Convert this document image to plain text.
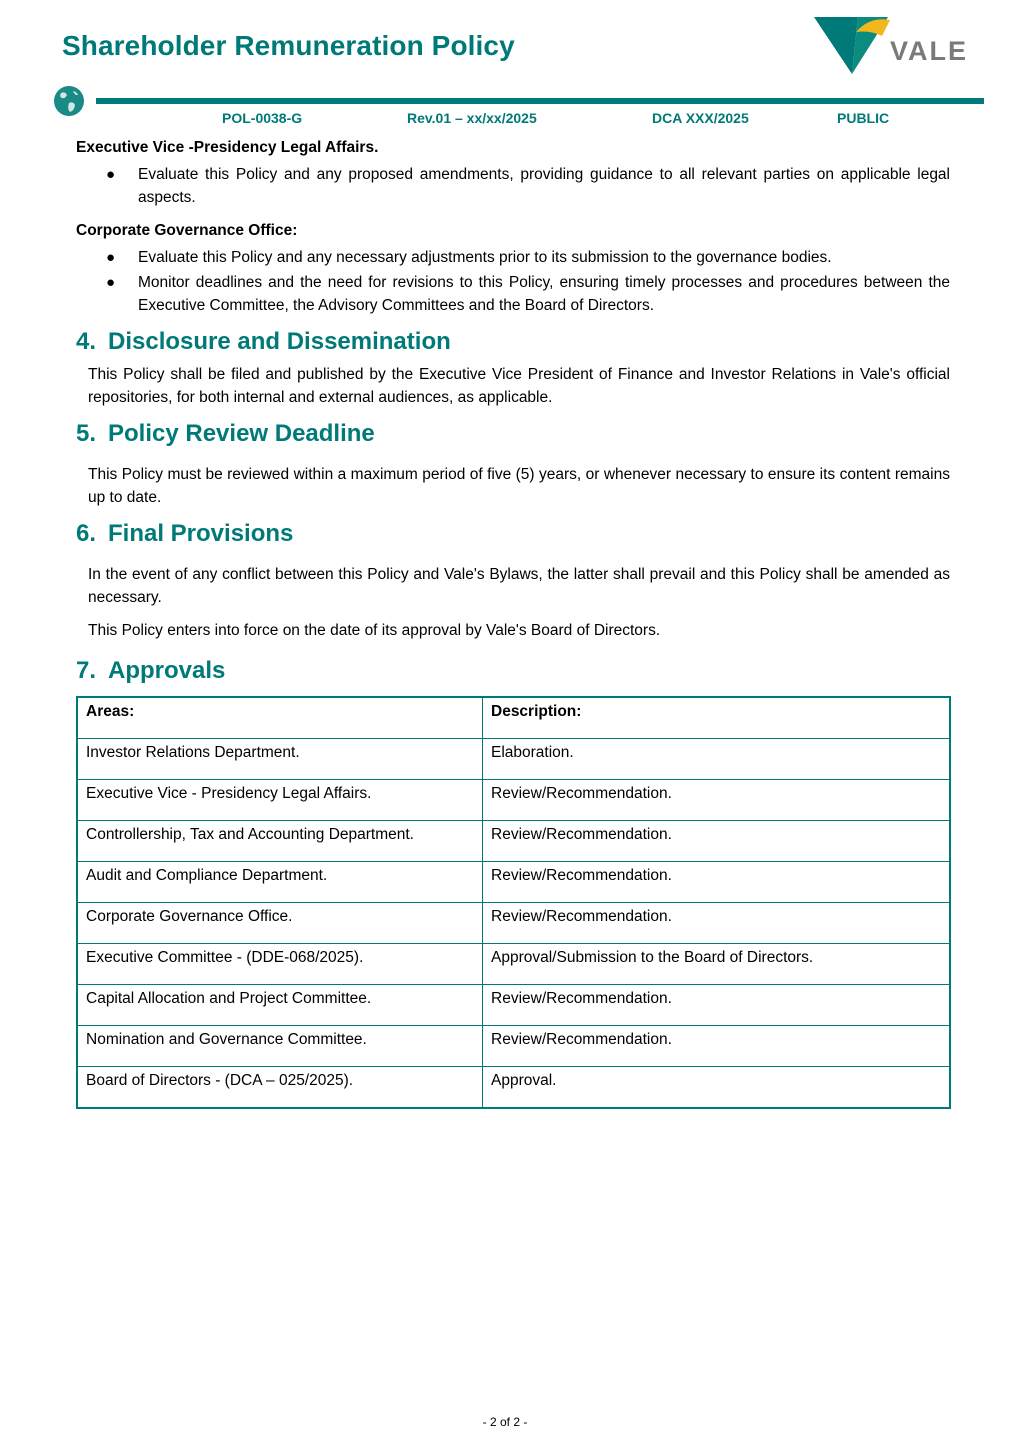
Shareholder Remuneration Policy	VALE
POL-0038-G	Rev.01 – xx/xx/2025	DCA XXX/2025	PUBLIC

Executive Vice -Presidency Legal Affairs.

● Evaluate this Policy and any proposed amendments, providing guidance to all relevant parties on applicable legal aspects.

Corporate Governance Office:

● Evaluate this Policy and any necessary adjustments prior to its submission to the governance bodies.
● Monitor deadlines and the need for revisions to this Policy, ensuring timely processes and procedures between the Executive Committee, the Advisory Committees and the Board of Directors.
4. Disclosure and Dissemination

This Policy shall be filed and published by the Executive Vice President of Finance and Investor Relations in Vale's official repositories, for both internal and external audiences, as applicable.

5. Policy Review Deadline

This Policy must be reviewed within a maximum period of five (5) years, or whenever necessary to ensure its content remains up to date.

6. Final Provisions

In the event of any conflict between this Policy and Vale's Bylaws, the latter shall prevail and this Policy shall be amended as necessary.

This Policy enters into force on the date of its approval by Vale's Board of Directors.

7. Approvals
Areas:	Description:
Investor Relations Department.	Elaboration.
Executive Vice - Presidency Legal Affairs.	Review/Recommendation.
Controllership, Tax and Accounting Department.	Review/Recommendation.
Audit and Compliance Department.	Review/Recommendation.
Corporate Governance Office.	Review/Recommendation.
Executive Committee - (DDE-068/2025).	Approval/Submission to the Board of Directors.
Capital Allocation and Project Committee.	Review/Recommendation.
Nomination and Governance Committee.	Review/Recommendation.
Board of Directors - (DCA – 025/2025).	Approval.
- 2 of 2 -
